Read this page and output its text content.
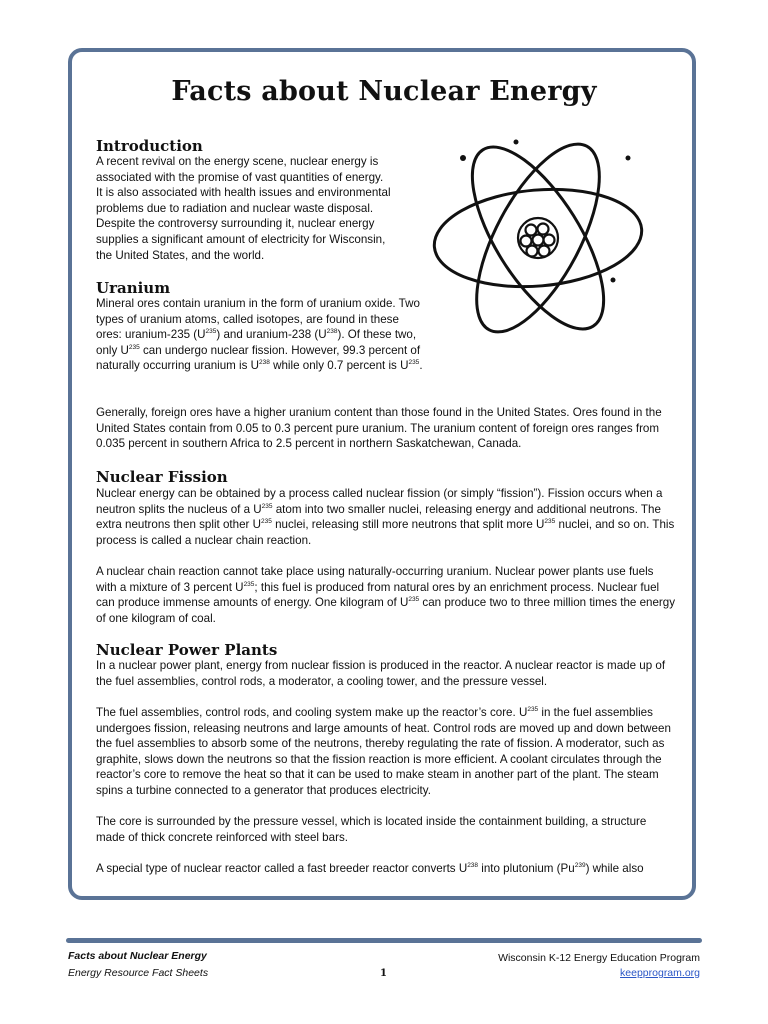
Facts about Nuclear Energy
Introduction
A recent revival on the energy scene, nuclear energy is
associated with the promise of vast quantities of energy.
It is also associated with health issues and environmental
problems due to radiation and nuclear waste disposal.
Despite the controversy surrounding it, nuclear energy
supplies a significant amount of electricity for Wisconsin,
the United States, and the world.
Uranium

Mineral ores contain uranium in the form of uranium oxide. Two types of uranium atoms, called isotopes, are found in these ores: uranium-235 $(U^{235})$ and uranium-238 $(U^{238})$. Of these two, only $U^{235}$ can undergo nuclear fission. However, 99.3 percent of naturally occurring uranium is $U^{238}$ while only 0.7 percent is $U^{235}$.

Generally, foreign ores have a higher uranium content than those found in the United States. Ores found in the United States contain from 0.05 to 0.3 percent pure uranium. The uranium content of foreign ores ranges from 0.035 percent in southern Africa to 2.5 percent in northern Saskatchewan, Canada.

Nuclear Fission

Nuclear energy can be obtained by a process called nuclear fission (or simply “fission”). Fission occurs when a neutron splits the nucleus of a $U^{235}$ atom into two smaller nuclei, releasing energy and additional neutrons. The extra neutrons then split other $U^{235}$ nuclei, releasing still more neutrons that split more $U^{235}$ nuclei, and so on. This process is called a nuclear chain reaction.

A nuclear chain reaction cannot take place using naturally-occurring uranium. Nuclear power plants use fuels with a mixture of 3 percent $U^{235}$; this fuel is produced from natural ores by an enrichment process. Nuclear fuel can produce immense amounts of energy. One kilogram of $U^{235}$ can produce two to three million times the energy of one kilogram of coal.

Nuclear Power Plants

In a nuclear power plant, energy from nuclear fission is produced in the reactor. A nuclear reactor is made up of the fuel assemblies, control rods, a moderator, a cooling tower, and the pressure vessel.

The fuel assemblies, control rods, and cooling system make up the reactor’s core. $U^{235}$ in the fuel assemblies undergoes fission, releasing neutrons and large amounts of heat. Control rods are moved up and down between the fuel assemblies to absorb some of the neutrons, thereby regulating the rate of fission. A moderator, such as graphite, slows down the neutrons so that the fission reaction is more efficient. A coolant circulates through the reactor’s core to remove the heat so that it can be used to make steam in another part of the plant. The steam spins a turbine connected to a generator that produces electricity.

The core is surrounded by the pressure vessel, which is located inside the containment building, a structure made of thick concrete reinforced with steel bars.

A special type of nuclear reactor called a fast breeder reactor converts $U^{238}$ into plutonium (Pu$^{239}$) while also

Facts about Nuclear Energy
Energy Resource Fact Sheets	1
Wisconsin K-12 Energy Education Program
keepprogram.org
